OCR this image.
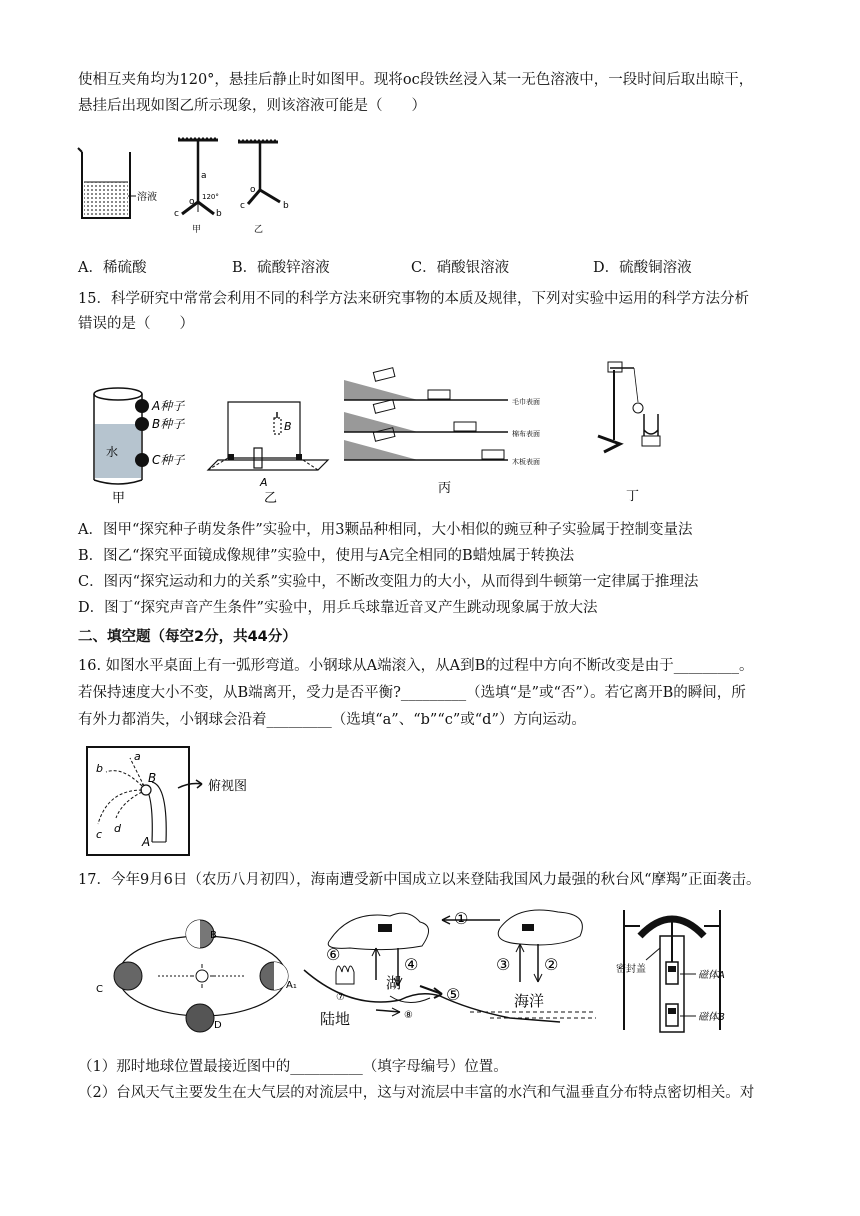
使相互夹角均为120°，悬挂后静止时如图甲。现将oc段铁丝浸入某一无色溶液中，一段时间后取出晾干，
悬挂后出现如图乙所示现象，则该溶液可能是（　　）
溶液
a
o 120°
c	b
甲
o
c	b
乙
A．稀硫酸	B．硫酸锌溶液	C．硝酸银溶液	D．硫酸铜溶液
15．科学研究中常常会利用不同的科学方法来研究事物的本质及规律，下列对实验中运用的科学方法分析
错误的是（　　）
水
A种子
B种子
C种子
甲
A
B
乙
毛巾表面
棉布表面
木板表面
丙
丁
A．图甲“探究种子萌发条件”实验中，用3颗品种相同，大小相似的豌豆种子实验属于控制变量法
B．图乙“探究平面镜成像规律”实验中，使用与A完全相同的B蜡烛属于转换法
C．图丙“探究运动和力的关系”实验中，不断改变阻力的大小，从而得到牛顿第一定律属于推理法
D．图丁“探究声音产生条件”实验中，用乒乓球靠近音叉产生跳动现象属于放大法
二、填空题（每空2分，共44分）
16. 如图水平桌面上有一弧形弯道。小钢球从A端滚入，从A到B的过程中方向不断改变是由于_________。
若保持速度大小不变，从B端离开，受力是否平衡?_________（选填“是”或“否”）。若它离开B的瞬间，所
有外力都消失，小钢球会沿着_________（选填“a”、“b”“c”或“d”）方向运动。
a
b
c d
B
A
俯视图
17．今年9月6日（农历八月初四），海南遭受新中国成立以来登陆我国风力最强的秋台风“摩羯”正面袭击。
B
C
D
A₁
①
④	③ ②
⑥
湖
⑦	⑤
⑧
陆地
海洋
密封盖
磁体A
磁体B
（1）那时地球位置最接近图中的__________（填字母编号）位置。
（2）台风天气主要发生在大气层的对流层中，这与对流层中丰富的水汽和气温垂直分布特点密切相关。对
